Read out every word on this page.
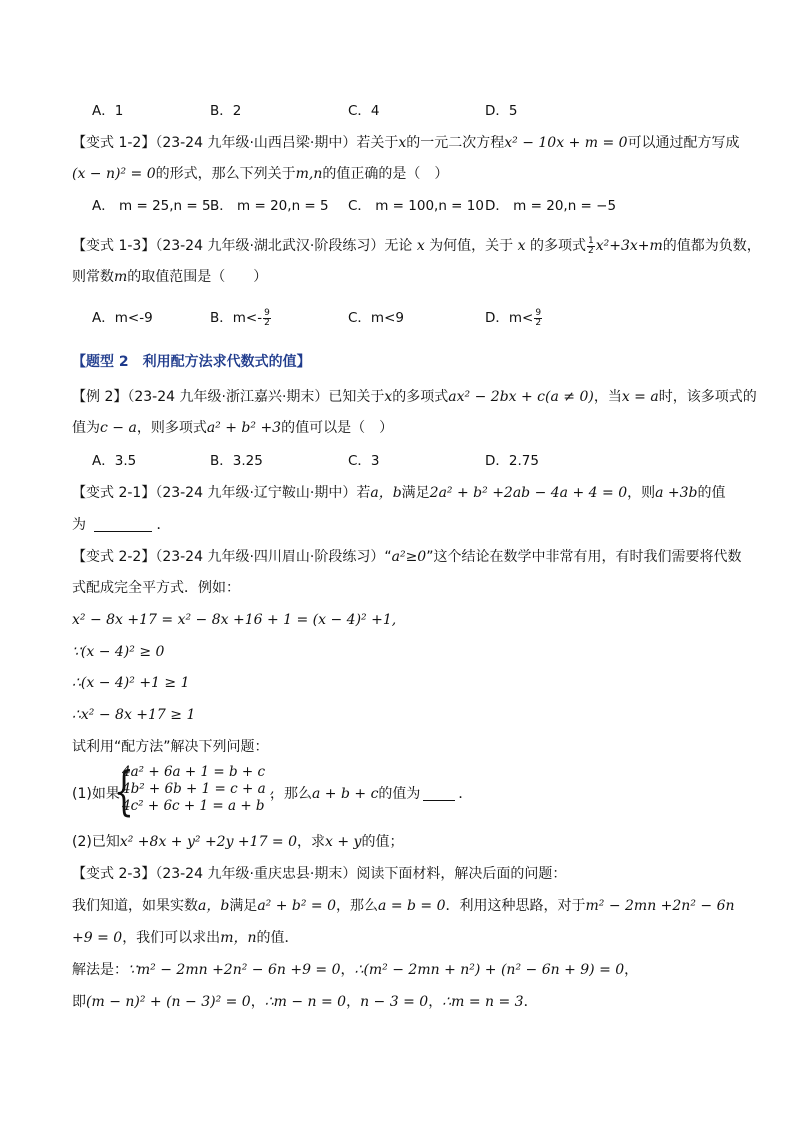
A．1	B．2	C．4	D．5
【变式 1-2】（23-24 九年级·山西吕梁·期中）若关于x的一元二次方程x² − 10x + m = 0可以通过配方写成
(x − n)² = 0的形式，那么下列关于m,n的值正确的是（　）
A． m = 25,n = 5 B． m = 20,n = 5 C． m = 100,n = 10 D． m = 20,n = −5
【变式 1-3】（23-24 九年级·湖北武汉·阶段练习）无论 x 为何值，关于 x 的多项式 $\frac{1}{2} x^2+3x+m$的值都为负数，
则常数m的取值范围是（　　）
A．m<-9	B．$m<- \frac{9}{2}$	C．m<9	D．$m< \frac{9}{2}$
【题型 2　利用配方法求代数式的值】
【例 2】（23-24 九年级·浙江嘉兴·期末）已知关于x的多项式ax² − 2bx + c(a ≠ 0)，当x = a时，该多项式的
值为c − a，则多项式a² + b² +3的值可以是（　）
A．3.5	B．3.25	C．3	D．2.75
【变式 2-1】（23-24 九年级·辽宁鞍山·期中）若a，b满足2a² + b² +2ab − 4a + 4 = 0，则a +3b的值
为	．
【变式 2-2】（23-24 九年级·四川眉山·阶段练习）“a²≥0”这个结论在数学中非常有用，有时我们需要将代数
式配成完全平方式．例如：
x² − 8x +17 = x² − 8x +16 + 1 = (x − 4)² +1,
∵(x − 4)² ≥ 0
∴(x − 4)² +1 ≥ 1
∴x² − 8x +17 ≥ 1
试利用“配方法”解决下列问题：
(1)如果
{
4a² + 6a + 1 = b + c
4b² + 6b + 1 = c + a ,
4c² + 6c + 1 = a + b
，那么a + b + c的值为	．
(2)已知x² +8x + y² +2y +17 = 0，求x + y的值；
【变式 2-3】（23-24 九年级·重庆忠县·期末）阅读下面材料，解决后面的问题：
我们知道，如果实数a，b满足a² + b² = 0，那么a = b = 0．利用这种思路，对于m² − 2mn +2n² − 6n
+9 = 0，我们可以求出m，n的值．
解法是：∵m² − 2mn +2n² − 6n +9 = 0，∴(m² − 2mn + n²) + (n² − 6n + 9) = 0，
即(m − n)² + (n − 3)² = 0，∴m − n = 0，n − 3 = 0，∴m = n = 3．
